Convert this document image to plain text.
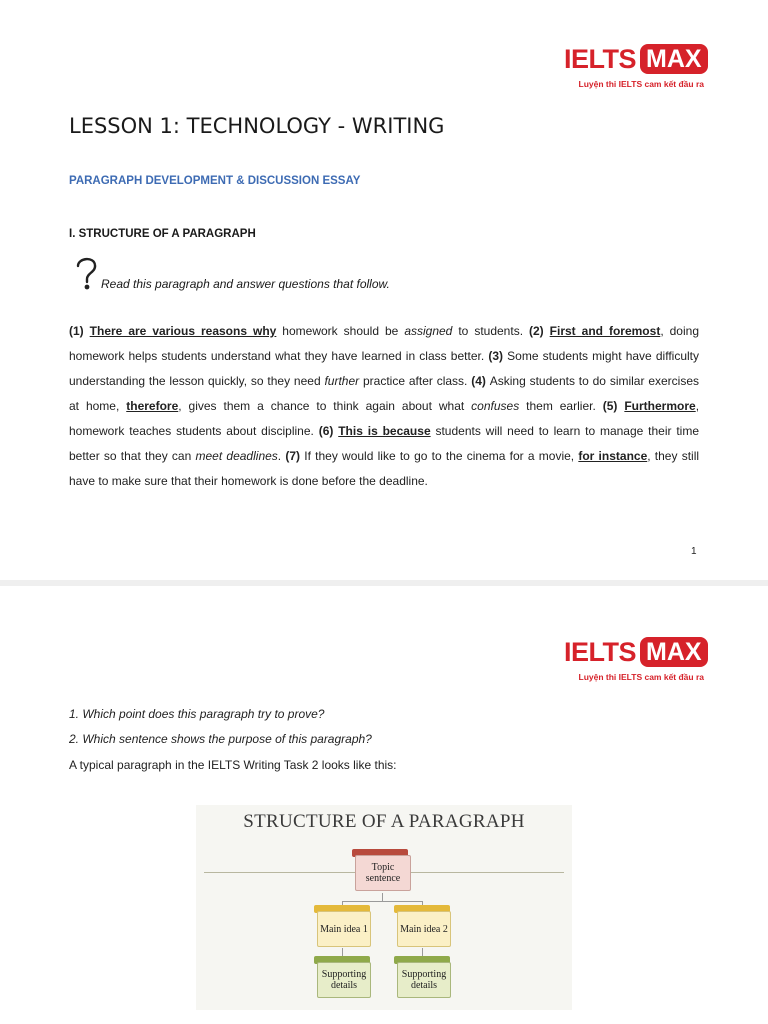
IELTS MAX
Luyện thi IELTS cam kết đầu ra
LESSON 1: TECHNOLOGY - WRITING
PARAGRAPH DEVELOPMENT & DISCUSSION ESSAY
I. STRUCTURE OF A PARAGRAPH
Read this paragraph and answer questions that follow.
(1) There are various reasons why homework should be assigned to students. (2) First and foremost, doing homework helps students understand what they have learned in class better. (3) Some students might have difficulty understanding the lesson quickly, so they need further practice after class. (4) Asking students to do similar exercises at home, therefore, gives them a chance to think again about what confuses them earlier. (5) Furthermore, homework teaches students about discipline. (6) This is because students will need to learn to manage their time better so that they can meet deadlines. (7) If they would like to go to the cinema for a movie, for instance, they still have to make sure that their homework is done before the deadline.
1
IELTS MAX
Luyện thi IELTS cam kết đầu ra
1. Which point does this paragraph try to prove?
2. Which sentence shows the purpose of this paragraph?
A typical paragraph in the IELTS Writing Task 2 looks like this:
STRUCTURE OF A PARAGRAPH
Topic sentence
Main idea 1	Main idea 2
Supporting details
Supporting details
